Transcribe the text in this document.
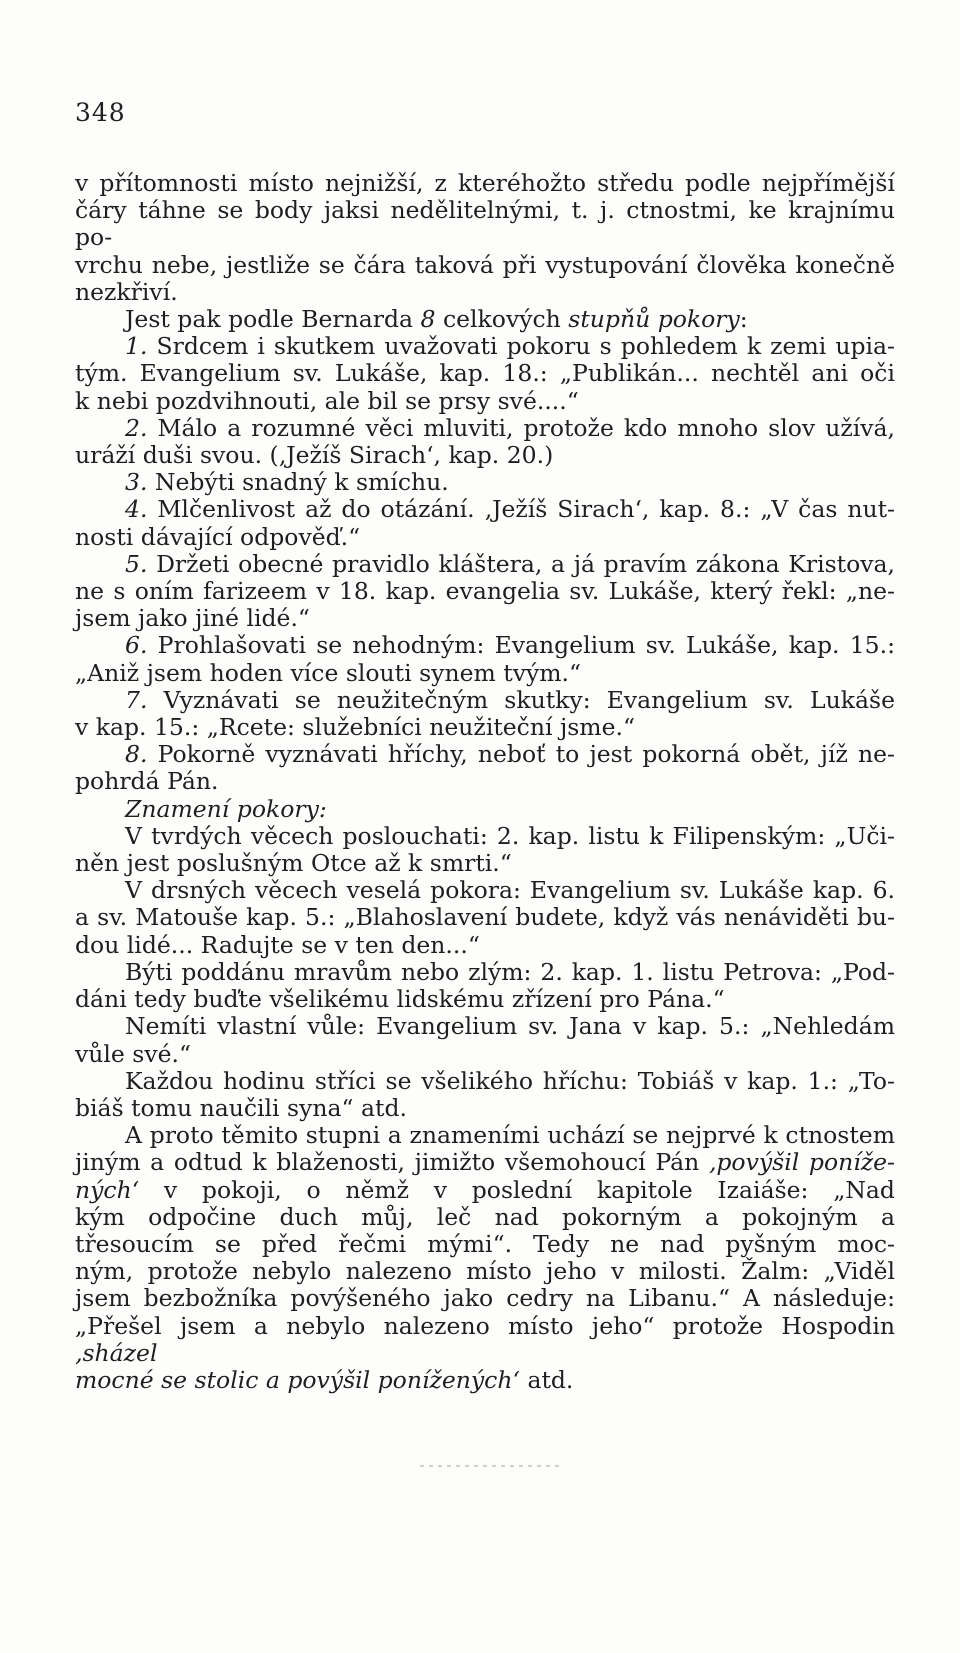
348

v přítomnosti místo nejnižší, z kteréhožto středu podle nejpřímější

čáry táhne se body jaksi nedělitelnými, t. j. ctnostmi, ke krajnímu po-

vrchu nebe, jestliže se čára taková při vystupování člověka konečně

nezkřiví.

Jest pak podle Bernarda 8 celkových stupňů pokory:

1. Srdcem i skutkem uvažovati pokoru s pohledem k zemi upia-

tým. Evangelium sv. Lukáše, kap. 18.: „Publikán... nechtěl ani oči

k nebi pozdvihnouti, ale bil se prsy své....“

2. Málo a rozumné věci mluviti, protože kdo mnoho slov užívá,

uráží duši svou. (‚Ježíš Sirach‘, kap. 20.)

3. Nebýti snadný k smíchu.

4. Mlčenlivost až do otázání. ‚Ježíš Sirach‘, kap. 8.: „V čas nut-

nosti dávající odpověď.“

5. Držeti obecné pravidlo kláštera, a já pravím zákona Kristova,

ne s oním farizeem v 18. kap. evangelia sv. Lukáše, který řekl: „ne-

jsem jako jiné lidé.“

6. Prohlašovati se nehodným: Evangelium sv. Lukáše, kap. 15.:

„Aniž jsem hoden více slouti synem tvým.“

7. Vyznávati se neužitečným skutky: Evangelium sv. Lukáše

v kap. 15.: „Rcete: služebníci neužiteční jsme.“

8. Pokorně vyznávati hříchy, neboť to jest pokorná obět, jíž ne-

pohrdá Pán.

Znamení pokory:

V tvrdých věcech poslouchati: 2. kap. listu k Filipenským: „Uči-

něn jest poslušným Otce až k smrti.“

V drsných věcech veselá pokora: Evangelium sv. Lukáše kap. 6.

a sv. Matouše kap. 5.: „Blahoslavení budete, když vás nenáviděti bu-

dou lidé... Radujte se v ten den...“

Býti poddánu mravům nebo zlým: 2. kap. 1. listu Petrova: „Pod-

dáni tedy buďte všelikému lidskému zřízení pro Pána.“

Nemíti vlastní vůle: Evangelium sv. Jana v kap. 5.: „Nehledám

vůle své.“

Každou hodinu stříci se všelikého hříchu: Tobiáš v kap. 1.: „To-

biáš tomu naučili syna“ atd.

A proto těmito stupni a znameními uchází se nejprvé k ctnostem

jiným a odtud k blaženosti, jimižto všemohoucí Pán ‚povýšil poníže-

ných‘ v pokoji, o němž v poslední kapitole Izaiáše: „Nad

kým odpočine duch můj, leč nad pokorným a pokojným a

třesoucím se před řečmi mými“. Tedy ne nad pyšným moc-

ným, protože nebylo nalezeno místo jeho v milosti. Žalm: „Viděl

jsem bezbožníka povýšeného jako cedry na Libanu.“ A následuje:

„Přešel jsem a nebylo nalezeno místo jeho“ protože Hospodin ‚sházel

mocné se stolic a povýšil ponížených‘ atd.
